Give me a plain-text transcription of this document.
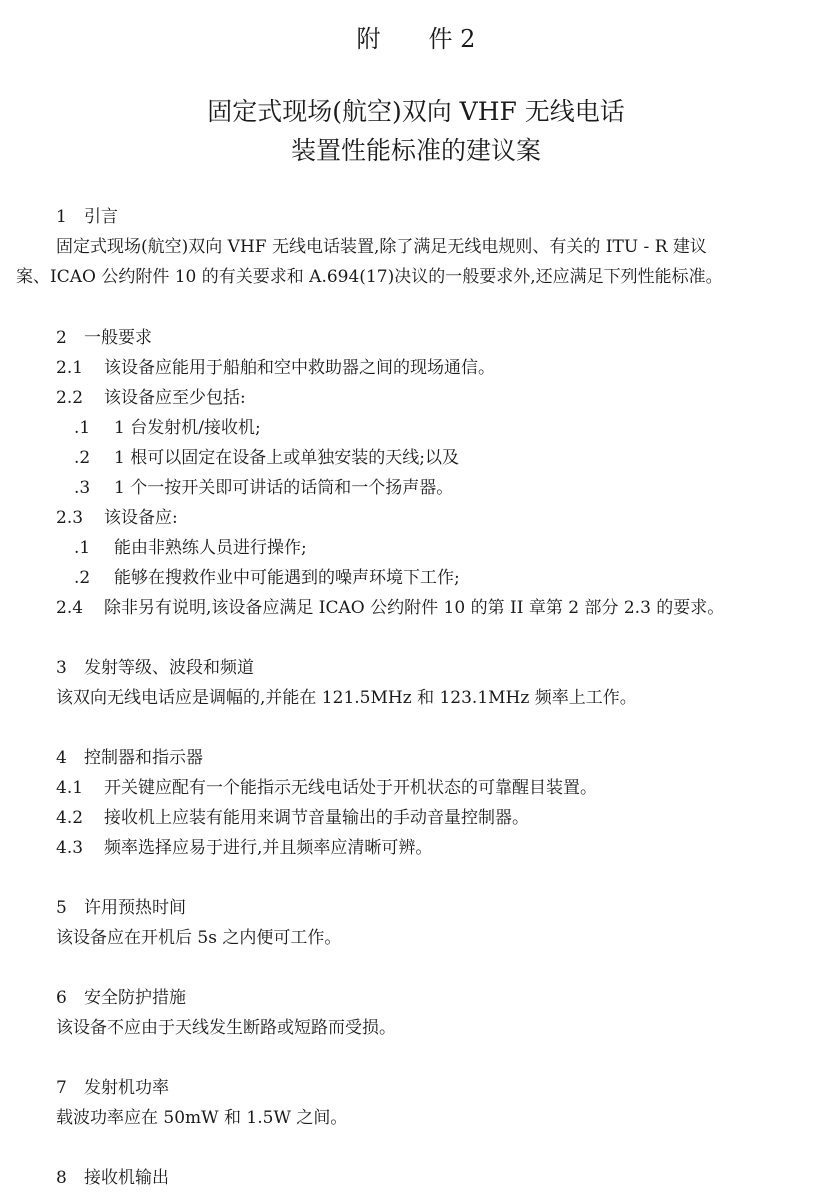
附 件 2
固定式现场(航空)双向 VHF 无线电话
装置性能标准的建议案
1 引言
固定式现场(航空)双向 VHF 无线电话装置,除了满足无线电规则、有关的 ITU - R 建议
案、ICAO 公约附件 10 的有关要求和 A.694(17)决议的一般要求外,还应满足下列性能标准。
2 一般要求
2.1 该设备应能用于船舶和空中救助器之间的现场通信。
2.2 该设备应至少包括:
.1 1 台发射机/接收机;
.2 1 根可以固定在设备上或单独安装的天线;以及
.3 1 个一按开关即可讲话的话筒和一个扬声器。
2.3 该设备应:
.1 能由非熟练人员进行操作;
.2 能够在搜救作业中可能遇到的噪声环境下工作;
2.4 除非另有说明,该设备应满足 ICAO 公约附件 10 的第 II 章第 2 部分 2.3 的要求。
3 发射等级、波段和频道
该双向无线电话应是调幅的,并能在 121.5MHz 和 123.1MHz 频率上工作。
4 控制器和指示器
4.1 开关键应配有一个能指示无线电话处于开机状态的可靠醒目装置。
4.2 接收机上应装有能用来调节音量输出的手动音量控制器。
4.3 频率选择应易于进行,并且频率应清晰可辨。
5 许用预热时间
该设备应在开机后 5s 之内便可工作。
6 安全防护措施
该设备不应由于天线发生断路或短路而受损。
7 发射机功率
载波功率应在 50mW 和 1.5W 之间。
8 接收机输出
